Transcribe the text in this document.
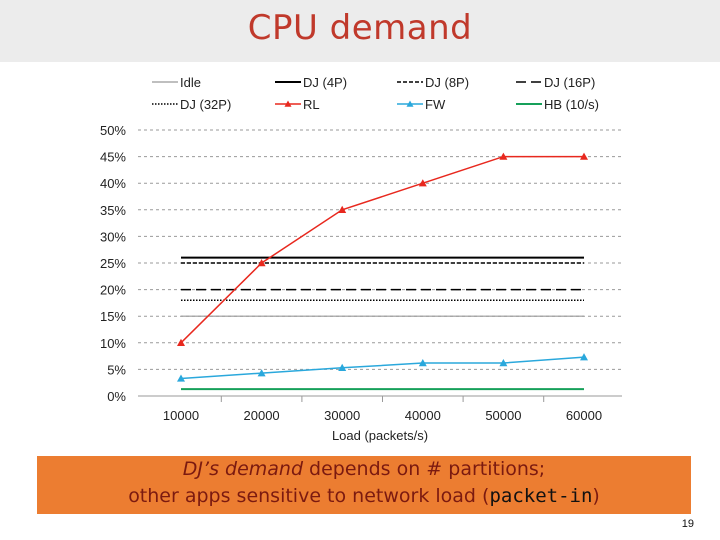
CPU demand
0%
5%
10%
15%
20%
25%
30%
35%
40%
45%
50%
10000	20000	30000	40000	50000	60000
Load (packets/s)
Idle	DJ (4P)	DJ (8P)	DJ (16P)
DJ (32P)	RL	FW	HB (10/s)
DJ’s demand depends on # partitions;
other apps sensitive to network load (packet-in)
19
